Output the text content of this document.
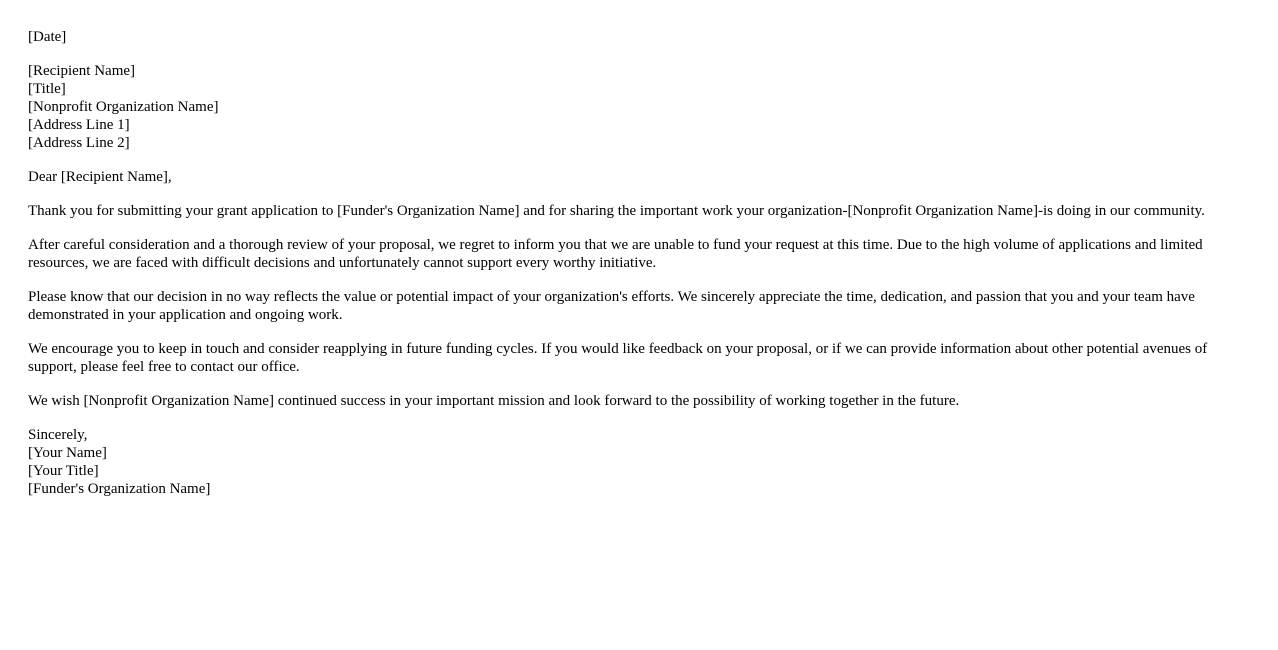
[Date]
[Recipient Name]
[Title]
[Nonprofit Organization Name]
[Address Line 1]
[Address Line 2]
Dear [Recipient Name],

Thank you for submitting your grant application to [Funder's Organization Name] and for sharing the important work your organization-[Nonprofit Organization Name]-is doing in our community.

After careful consideration and a thorough review of your proposal, we regret to inform you that we are unable to fund your request at this time. Due to the high volume of applications and limited resources, we are faced with difficult decisions and unfortunately cannot support every worthy initiative.

Please know that our decision in no way reflects the value or potential impact of your organization's efforts. We sincerely appreciate the time, dedication, and passion that you and your team have demonstrated in your application and ongoing work.

We encourage you to keep in touch and consider reapplying in future funding cycles. If you would like feedback on your proposal, or if we can provide information about other potential avenues of support, please feel free to contact our office.

We wish [Nonprofit Organization Name] continued success in your important mission and look forward to the possibility of working together in the future.

Sincerely,
[Your Name]
[Your Title]
[Funder's Organization Name]
